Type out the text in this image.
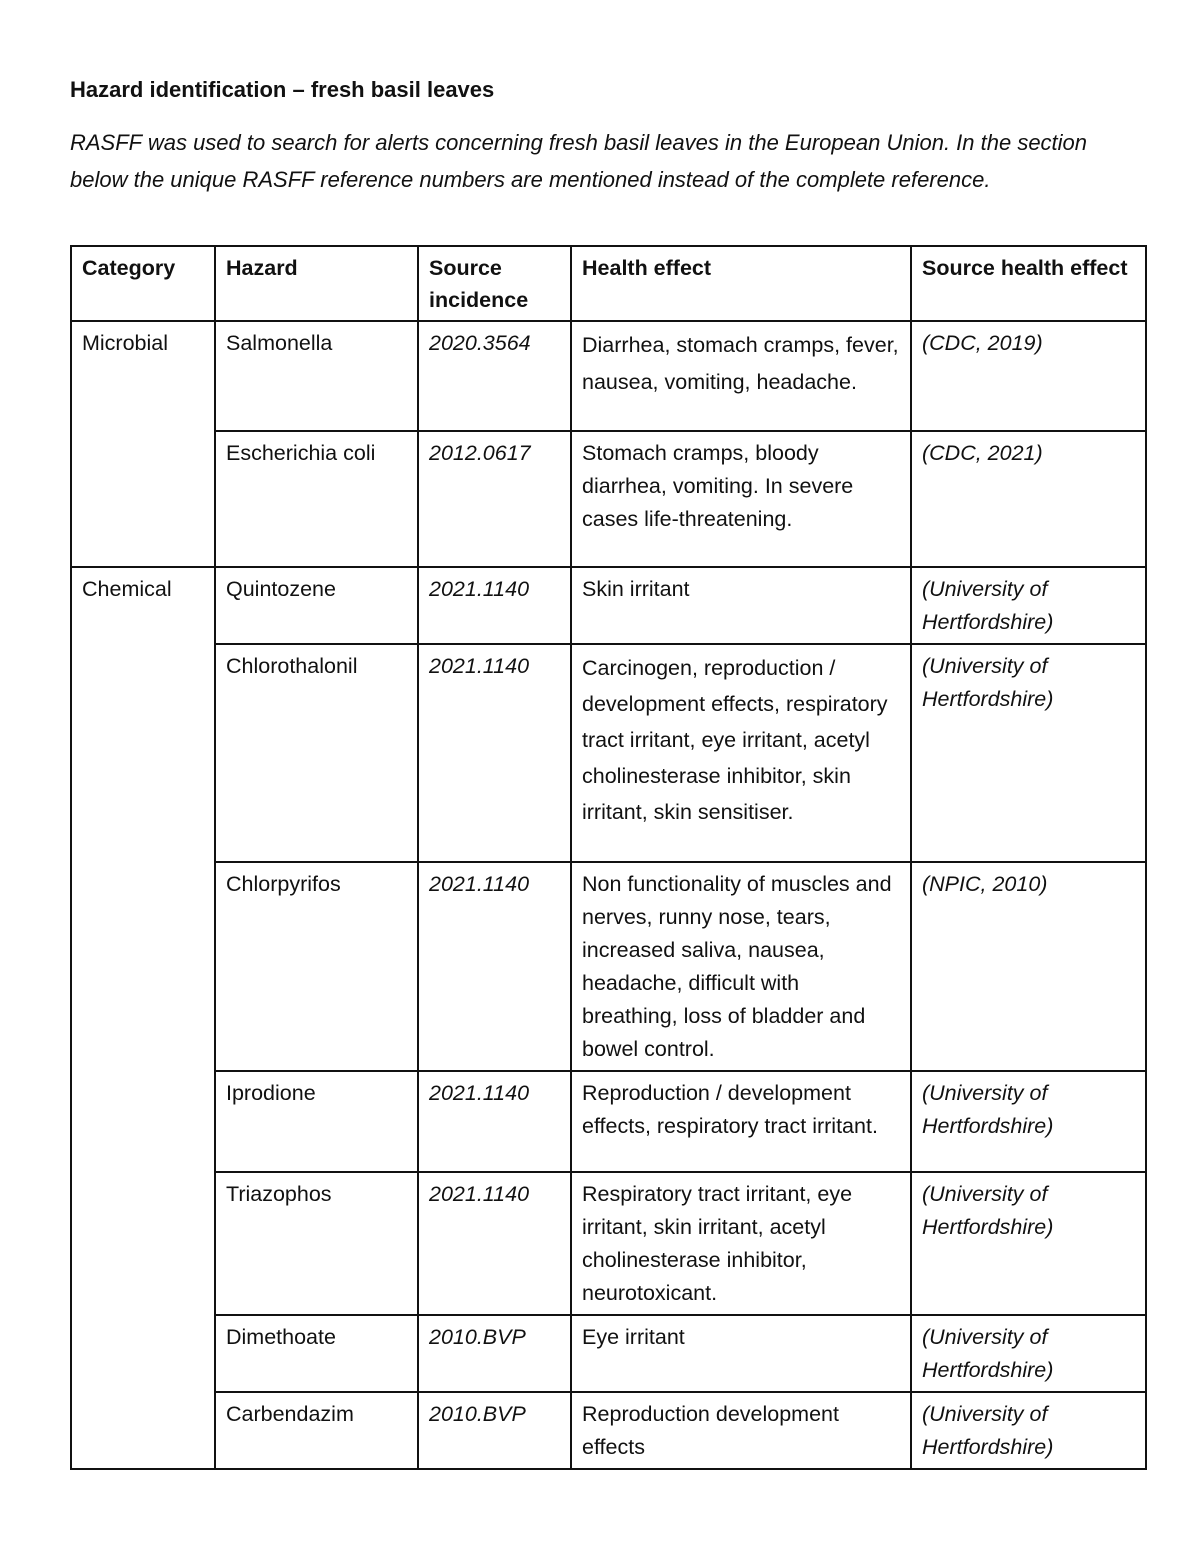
Hazard identification – fresh basil leaves

RASFF was used to search for alerts concerning fresh basil leaves in the European Union. In the section below the unique RASFF reference numbers are mentioned instead of the complete reference.

Category	Hazard	Source incidence	Health effect	Source health effect
Microbial	Salmonella	2020.3564	Diarrhea, stomach cramps, fever, nausea, vomiting, headache.	(CDC, 2019)
	Escherichia coli	2012.0617	Stomach cramps, bloody diarrhea, vomiting. In severe cases life-threatening.	(CDC, 2021)
Chemical	Quintozene	2021.1140	Skin irritant	(University of Hertfordshire)
	Chlorothalonil	2021.1140	Carcinogen, reproduction / development effects, respiratory tract irritant, eye irritant, acetyl cholinesterase inhibitor, skin irritant, skin sensitiser.	(University of Hertfordshire)
	Chlorpyrifos	2021.1140	Non functionality of muscles and nerves, runny nose, tears, increased saliva, nausea, headache, difficult with breathing, loss of bladder and bowel control.	(NPIC, 2010)
	Iprodione	2021.1140	Reproduction / development effects, respiratory tract irritant.	(University of Hertfordshire)
	Triazophos	2021.1140	Respiratory tract irritant, eye irritant, skin irritant, acetyl cholinesterase inhibitor, neurotoxicant.	(University of Hertfordshire)
	Dimethoate	2010.BVP	Eye irritant	(University of Hertfordshire)
	Carbendazim	2010.BVP	Reproduction development effects	(University of Hertfordshire)
